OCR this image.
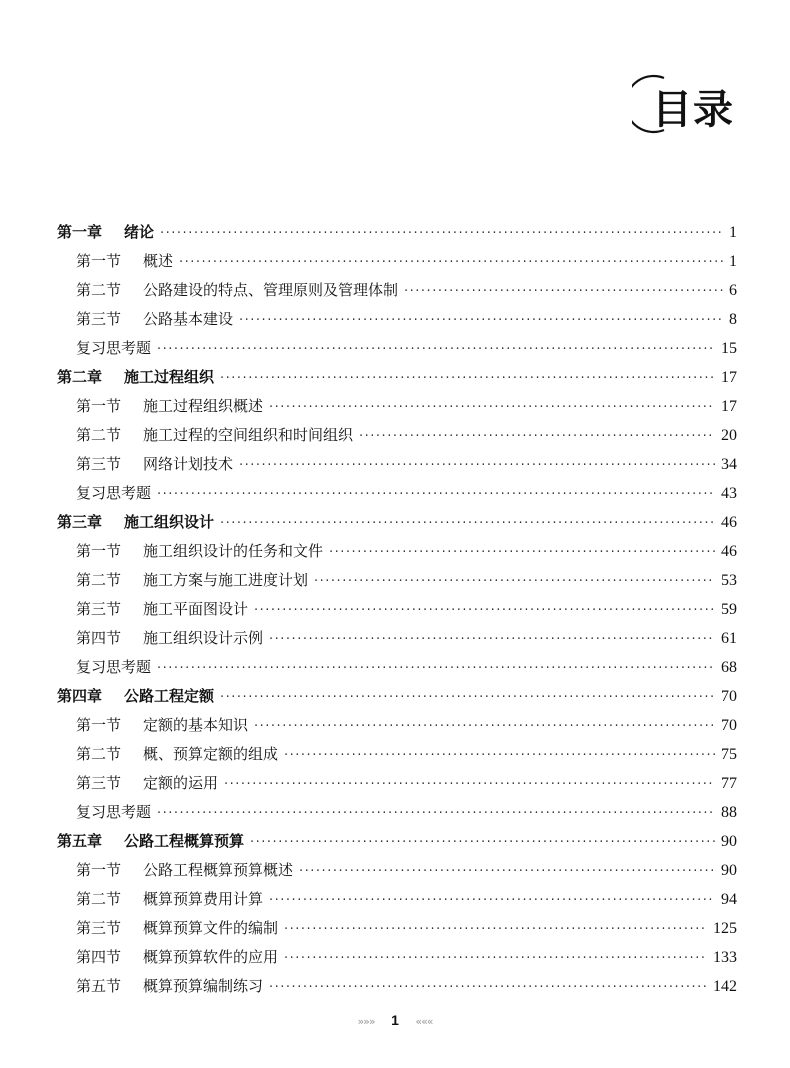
目录
第一章 绪论 ·····	1
第一节 概述 ·····	1
第二节 公路建设的特点、管理原则及管理体制 ·····	6
第三节 公路基本建设 ·····	8
复习思考题 ·····	15
第二章 施工过程组织 ·····	17
第一节 施工过程组织概述 ·····	17
第二节 施工过程的空间组织和时间组织 ·····	20
第三节 网络计划技术 ·····	34
复习思考题 ·····	43
第三章 施工组织设计 ·····	46
第一节 施工组织设计的任务和文件 ·····	46
第二节 施工方案与施工进度计划 ·····	53
第三节 施工平面图设计 ·····	59
第四节 施工组织设计示例 ·····	61
复习思考题 ·····	68
第四章 公路工程定额 ·····	70
第一节 定额的基本知识 ·····	70
第二节 概、预算定额的组成 ·····	75
第三节 定额的运用 ·····	77
复习思考题 ·····	88
第五章 公路工程概算预算 ·····	90
第一节 公路工程概算预算概述 ·····	90
第二节 概算预算费用计算 ·····	94
第三节 概算预算文件的编制 ·····	125
第四节 概算预算软件的应用 ·····	133
第五节 概算预算编制练习 ·····	142
»»» 1 «««
